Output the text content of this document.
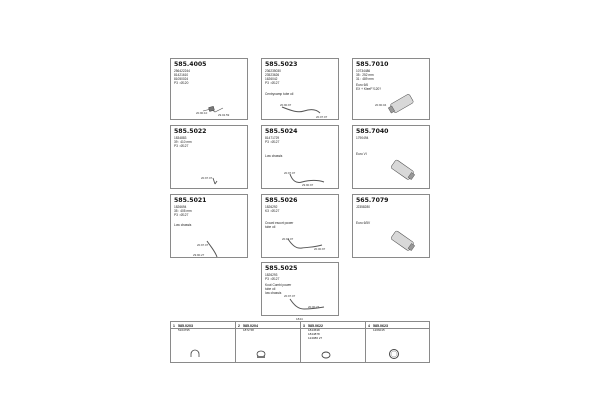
585.4005
256422244
81421610
81050024
P3 : Ø120
20.90.10	29.02.59
585.5023
236235030
23523626
1626042
P3 : Ø127
Centrycamp tube oil
20.90.97
20.07.07
585.7010
10734486
35 : 252 mm
31 : 489 mm
Euro 6/6
EX + KleeF?120?
20.90.04
585.5022
1834883
39 : 410 mm
P3 : Ø127
20.97.07
585.5024
81471729
P3 : Ø127
Low chassis
20.97.07
29.90.97
585.7040
1790494
Euro VI
585.5021
1826694
35 : 405 mm
P3 : Ø127
Low chassis
20.97.07
29.90.27
585.5026
1826292
K3 : Ø127
Crowd escort power
tube oil
20.97.07
20.00.97
565.7079
J2358280
Euro 6/5V
585.5025
1826293
P3 : Ø127
Kout Combi power
tube oil
low chassis
20.97.07
20.00.27
1844
1 585.0203
5164795
2 585.0204
1872 58
3 585.0622
1844538
1844878
124086 27
4 585.0623
1266015
